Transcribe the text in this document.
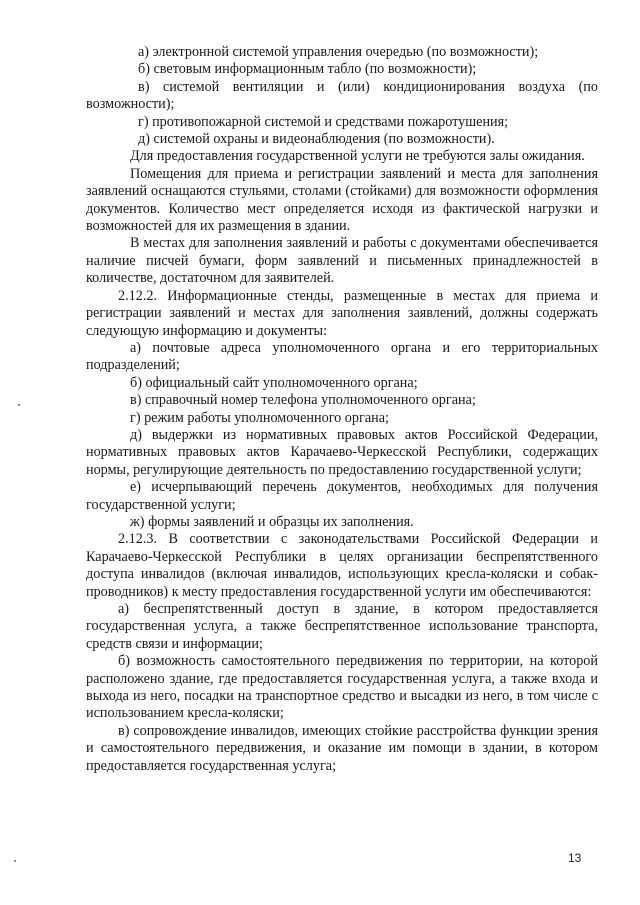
а) электронной системой управления очередью (по возможности);

б) световым информационным табло (по возможности);

в) системой вентиляции и (или) кондиционирования воздуха (по возможности);

г) противопожарной системой и средствами пожаротушения;

д) системой охраны и видеонаблюдения (по возможности).

Для предоставления государственной услуги не требуются залы ожидания.

Помещения для приема и регистрации заявлений и места для заполнения заявлений оснащаются стульями, столами (стойками) для возможности оформления документов. Количество мест определяется исходя из фактической нагрузки и возможностей для их размещения в здании.

В местах для заполнения заявлений и работы с документами обеспечивается наличие писчей бумаги, форм заявлений и письменных принадлежностей в количестве, достаточном для заявителей.

2.12.2. Информационные стенды, размещенные в местах для приема и регистрации заявлений и местах для заполнения заявлений, должны содержать следующую информацию и документы:

а) почтовые адреса уполномоченного органа и его территориальных подразделений;

б) официальный сайт уполномоченного органа;

в) справочный номер телефона уполномоченного органа;

г) режим работы уполномоченного органа;

д) выдержки из нормативных правовых актов Российской Федерации, нормативных правовых актов Карачаево-Черкесской Республики, содержащих нормы, регулирующие деятельность по предоставлению государственной услуги;

е) исчерпывающий перечень документов, необходимых для получения государственной услуги;

ж) формы заявлений и образцы их заполнения.

2.12.3. В соответствии с законодательствами Российской Федерации и Карачаево-Черкесской Республики в целях организации беспрепятственного доступа инвалидов (включая инвалидов, использующих кресла-коляски и собак-проводников) к месту предоставления государственной услуги им обеспечиваются:

а) беспрепятственный доступ в здание, в котором предоставляется государственная услуга, а также беспрепятственное использование транспорта, средств связи и информации;

б) возможность самостоятельного передвижения по территории, на которой расположено здание, где предоставляется государственная услуга, а также входа и выхода из него, посадки на транспортное средство и высадки из него, в том числе с использованием кресла-коляски;

в) сопровождение инвалидов, имеющих стойкие расстройства функции зрения и самостоятельного передвижения, и оказание им помощи в здании, в котором предоставляется государственная услуга;

13
